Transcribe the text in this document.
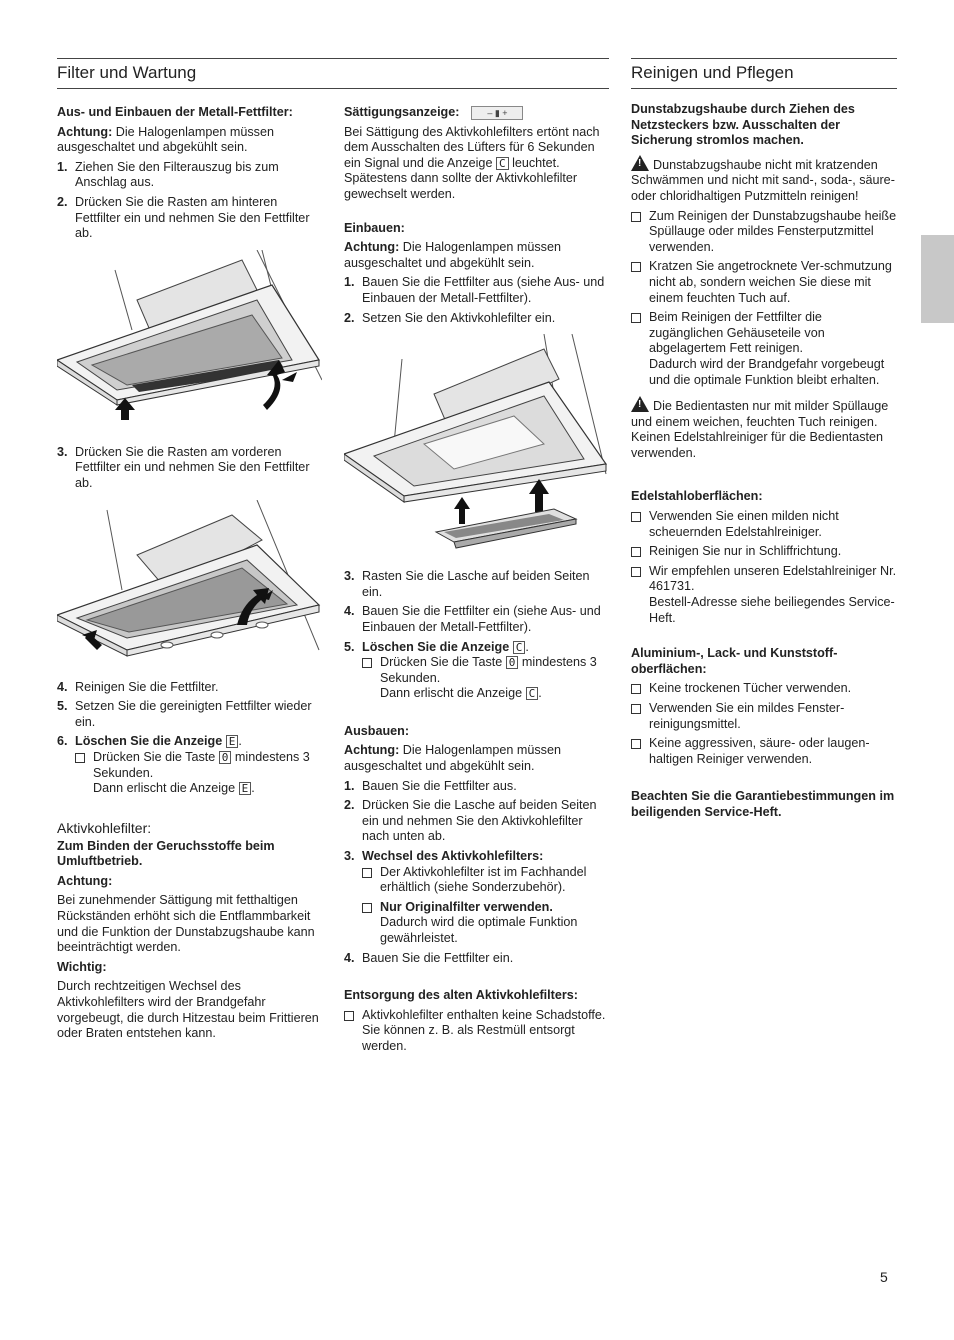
Filter und Wartung
Aus- und Einbauen der Metall-Fettfilter:
Achtung: Die Halogenlampen müssen ausgeschaltet und abgekühlt sein.
1. Ziehen Sie den Filterauszug bis zum Anschlag aus.
2. Drücken Sie die Rasten am hinteren Fettfilter ein und nehmen Sie den Fettfilter ab.
3. Drücken Sie die Rasten am vorderen Fettfilter ein und nehmen Sie den Fettfilter ab.
4. Reinigen Sie die Fettfilter.
5. Setzen Sie die gereinigten Fettfilter wieder ein.
6. Löschen Sie die Anzeige E .
Drücken Sie die Taste 0 mindestens 3 Sekunden.
Dann erlischt die Anzeige E .
Aktivkohlefilter:
Zum Binden der Geruchsstoffe beim Umluftbetrieb.
Achtung:
Bei zunehmender Sättigung mit fetthaltigen Rückständen erhöht sich die Entflammbarkeit und die Funktion der Dunstabzugshaube kann beeinträchtigt werden.
Wichtig:
Durch rechtzeitigen Wechsel des Aktivkohlefilters wird der Brandgefahr vorgebeugt, die durch Hitzestau beim Frittieren oder Braten entstehen kann.
Sättigungsanzeige:	– ▮ +
Bei Sättigung des Aktivkohlefilters ertönt nach dem Ausschalten des Lüfters für 6 Sekunden ein Signal und die Anzeige C leuchtet. Spätestens dann sollte der Aktivkohlefilter gewechselt werden.
Einbauen:
Achtung: Die Halogenlampen müssen ausgeschaltet und abgekühlt sein.
1. Bauen Sie die Fettfilter aus (siehe Aus- und Einbauen der Metall-Fettfilter).
2. Setzen Sie den Aktivkohlefilter ein.
3. Rasten Sie die Lasche auf beiden Seiten ein.
4. Bauen Sie die Fettfilter ein (siehe Aus- und Einbauen der Metall-Fettfilter).
5. Löschen Sie die Anzeige C .
Drücken Sie die Taste 0 mindestens 3 Sekunden.
Dann erlischt die Anzeige C .
Ausbauen:
Achtung: Die Halogenlampen müssen ausgeschaltet und abgekühlt sein.
1. Bauen Sie die Fettfilter aus.
2. Drücken Sie die Lasche auf beiden Seiten ein und nehmen Sie den Aktivkohlefilter nach unten ab.
3. Wechsel des Aktivkohlefilters:
Der Aktivkohlefilter ist im Fachhandel erhältlich (siehe Sonderzubehör).
Nur Originalfilter verwenden.
Dadurch wird die optimale Funktion gewährleistet.
4. Bauen Sie die Fettfilter ein.
Entsorgung des alten Aktivkohlefilters:
Aktivkohlefilter enthalten keine Schadstoffe. Sie können z. B. als Restmüll entsorgt werden.
Reinigen und Pflegen
Dunstabzugshaube durch Ziehen des Netzsteckers bzw. Ausschalten der Sicherung stromlos machen.
!Dunstabzugshaube nicht mit kratzenden Schwämmen und nicht mit sand-, soda-, säure- oder chloridhaltigen Putzmitteln reinigen!
Zum Reinigen der Dunstabzugshaube heiße Spüllauge oder mildes Fensterputzmittel verwenden.
Kratzen Sie angetrocknete Ver-schmutzung nicht ab, sondern weichen Sie diese mit einem feuchten Tuch auf.
Beim Reinigen der Fettfilter die zugänglichen Gehäuseteile von abgelagertem Fett reinigen.
Dadurch wird der Brandgefahr vorgebeugt und die optimale Funktion bleibt erhalten.
!Die Bedientasten nur mit milder Spüllauge und einem weichen, feuchten Tuch reinigen.
Keinen Edelstahlreiniger für die Bedientasten verwenden.
Edelstahloberflächen:
Verwenden Sie einen milden nicht scheuernden Edelstahlreiniger.
Reinigen Sie nur in Schliffrichtung.
Wir empfehlen unseren Edelstahlreiniger Nr. 461731.
Bestell-Adresse siehe beiliegendes Service-Heft.
Aluminium-, Lack- und Kunststoff-oberflächen:
Keine trockenen Tücher verwenden.
Verwenden Sie ein mildes Fenster-reinigungsmittel.
Keine aggressiven, säure- oder laugen-haltigen Reiniger verwenden.
Beachten Sie die Garantiebestimmungen im beiligenden Service-Heft.
5
